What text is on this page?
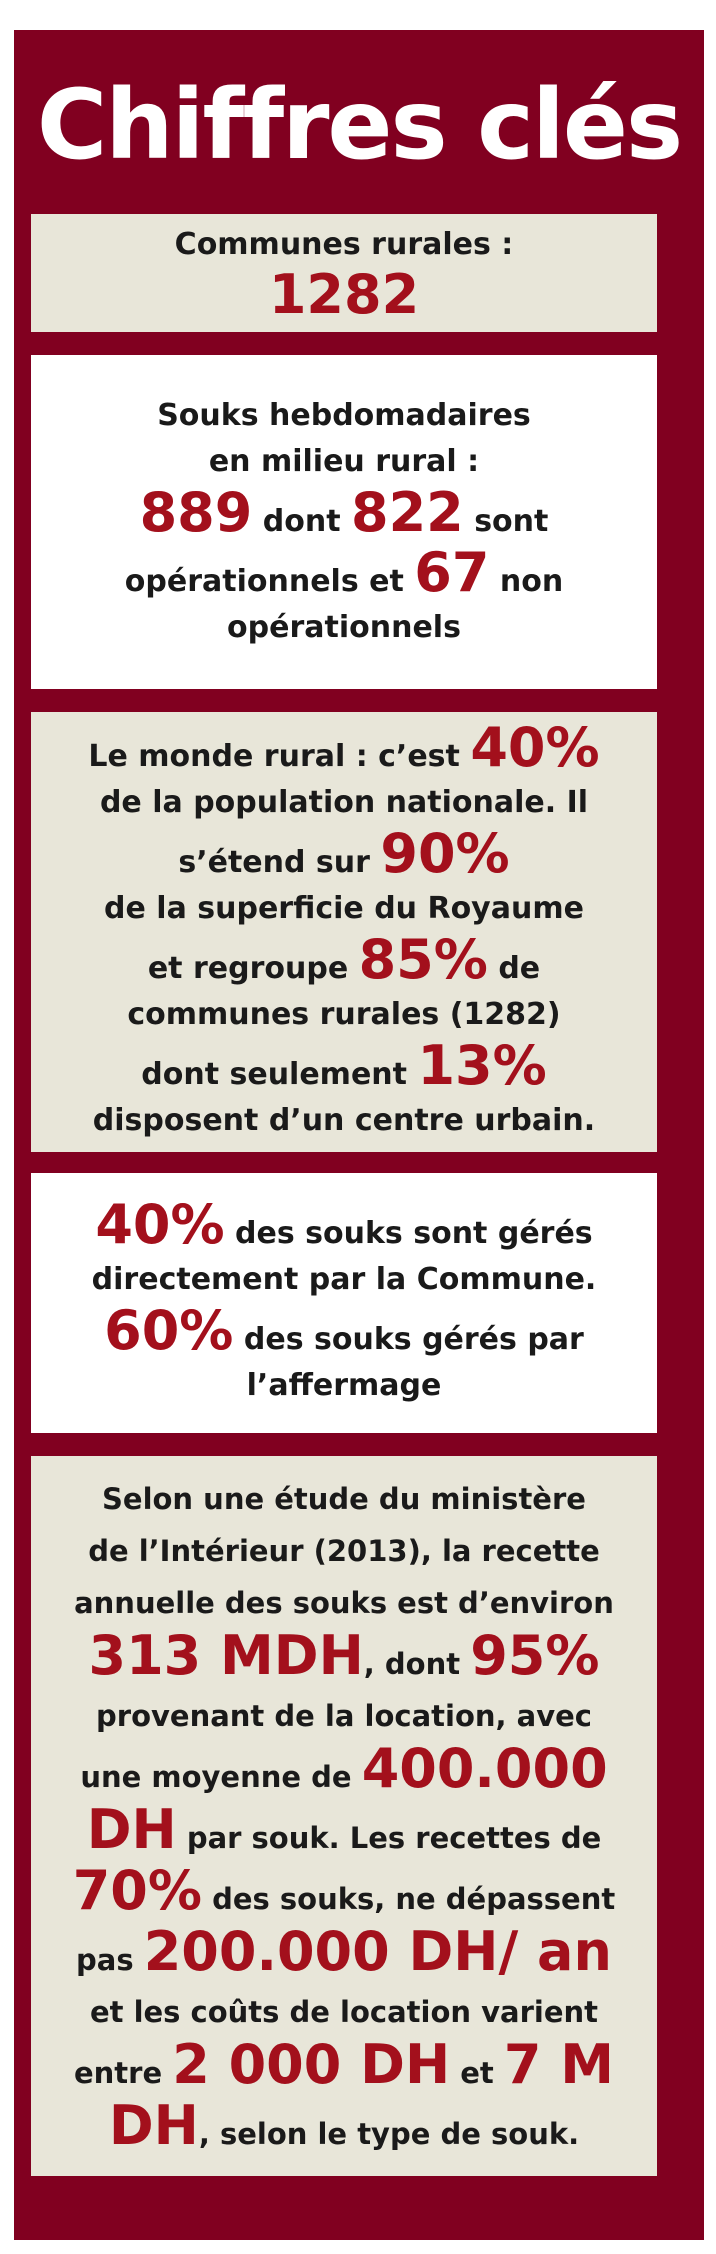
Chiffres clés
Communes rurales :
1282
Souks hebdomadaires
en milieu rural :
889 dont 822 sont
opérationnels et 67 non
opérationnels
Le monde rural : c’est 40%
de la population nationale. Il
s’étend sur 90%
de la superficie du Royaume
et regroupe 85% de
communes rurales (1282)
dont seulement 13%
disposent d’un centre urbain.
40% des souks sont gérés
directement par la Commune.
60% des souks gérés par
l’affermage
Selon une étude du ministère
de l’Intérieur (2013), la recette
annuelle des souks est d’environ
313 MDH, dont 95%
provenant de la location, avec
une moyenne de 400.000
DH par souk. Les recettes de
70% des souks, ne dépassent
pas 200.000 DH/ an
et les coûts de location varient
entre 2 000 DH et 7 M
DH, selon le type de souk.
